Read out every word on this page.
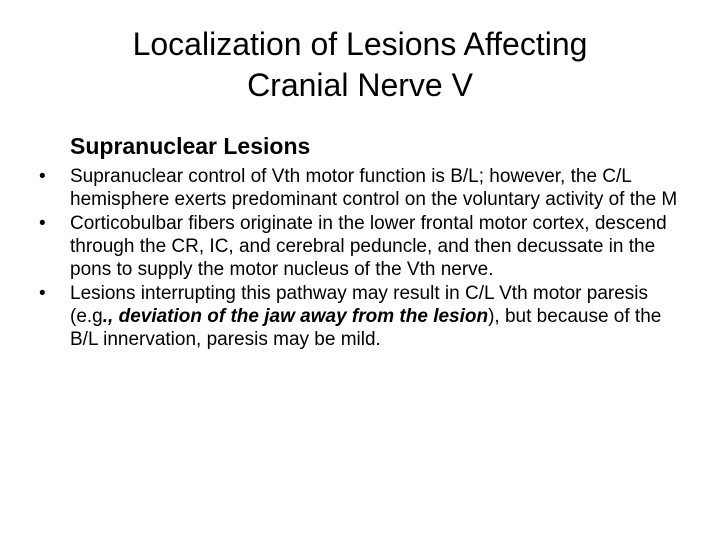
Localization of Lesions Affecting
Cranial Nerve V
Supranuclear Lesions
• Supranuclear control of Vth motor function is B/L; however, the C/L hemisphere exerts predominant control on the voluntary activity of the M
• Corticobulbar fibers originate in the lower frontal motor cortex, descend through the CR, IC, and cerebral peduncle, and then decussate in the pons to supply the motor nucleus of the Vth nerve.
• Lesions interrupting this pathway may result in C/L Vth motor paresis (e.g., deviation of the jaw away from the lesion), but because of the B/L innervation, paresis may be mild.
